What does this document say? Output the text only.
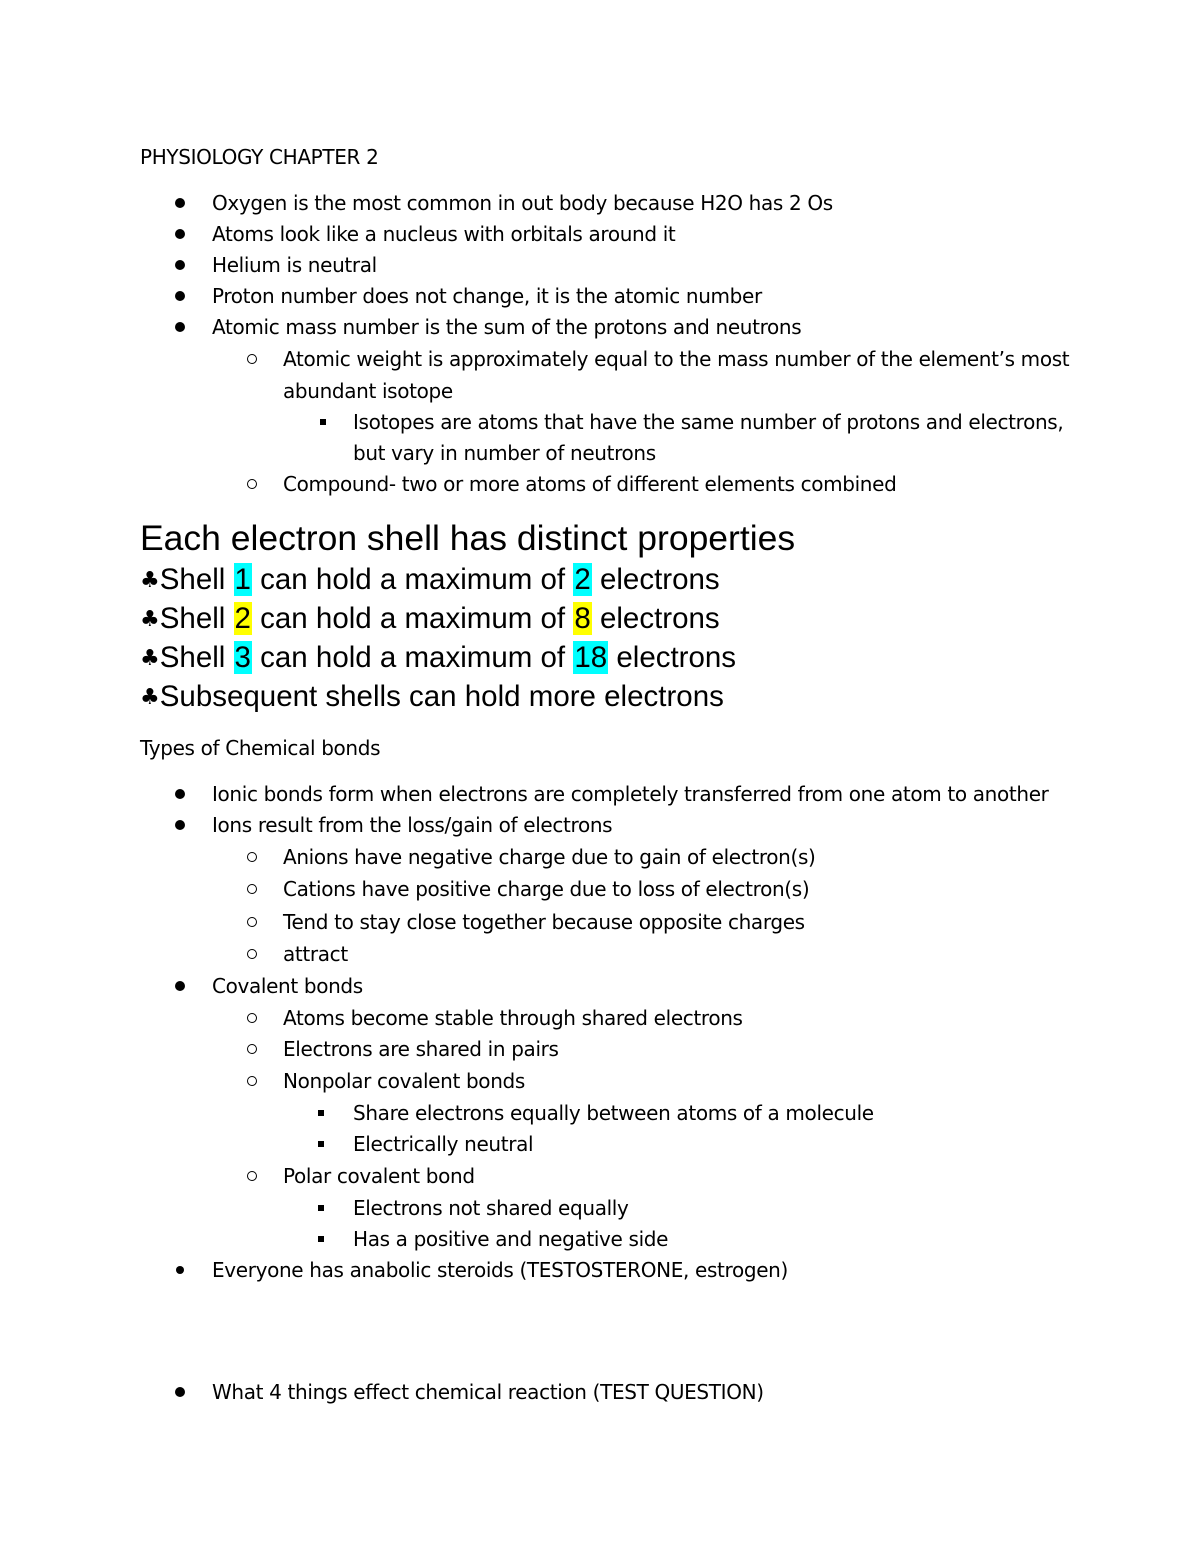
PHYSIOLOGY CHAPTER 2
Oxygen is the most common in out body because H2O has 2 Os
Atoms look like a nucleus with orbitals around it
Helium is neutral
Proton number does not change, it is the atomic number
Atomic mass number is the sum of the protons and neutrons
Atomic weight is approximately equal to the mass number of the element’s most
abundant isotope
Isotopes are atoms that have the same number of protons and electrons,
but vary in number of neutrons
Compound- two or more atoms of different elements combined
Each electron shell has distinct properties
♣Shell 1 can hold a maximum of 2 electrons
♣Shell 2 can hold a maximum of 8 electrons
♣Shell 3 can hold a maximum of 18 electrons
♣Subsequent shells can hold more electrons
Types of Chemical bonds
Ionic bonds form when electrons are completely transferred from one atom to another
Ions result from the loss/gain of electrons
Anions have negative charge due to gain of electron(s)
Cations have positive charge due to loss of electron(s)
Tend to stay close together because opposite charges
attract
Covalent bonds
Atoms become stable through shared electrons
Electrons are shared in pairs
Nonpolar covalent bonds
Share electrons equally between atoms of a molecule
Electrically neutral
Polar covalent bond
Electrons not shared equally
Has a positive and negative side
Everyone has anabolic steroids (TESTOSTERONE, estrogen)
What 4 things effect chemical reaction (TEST QUESTION)
